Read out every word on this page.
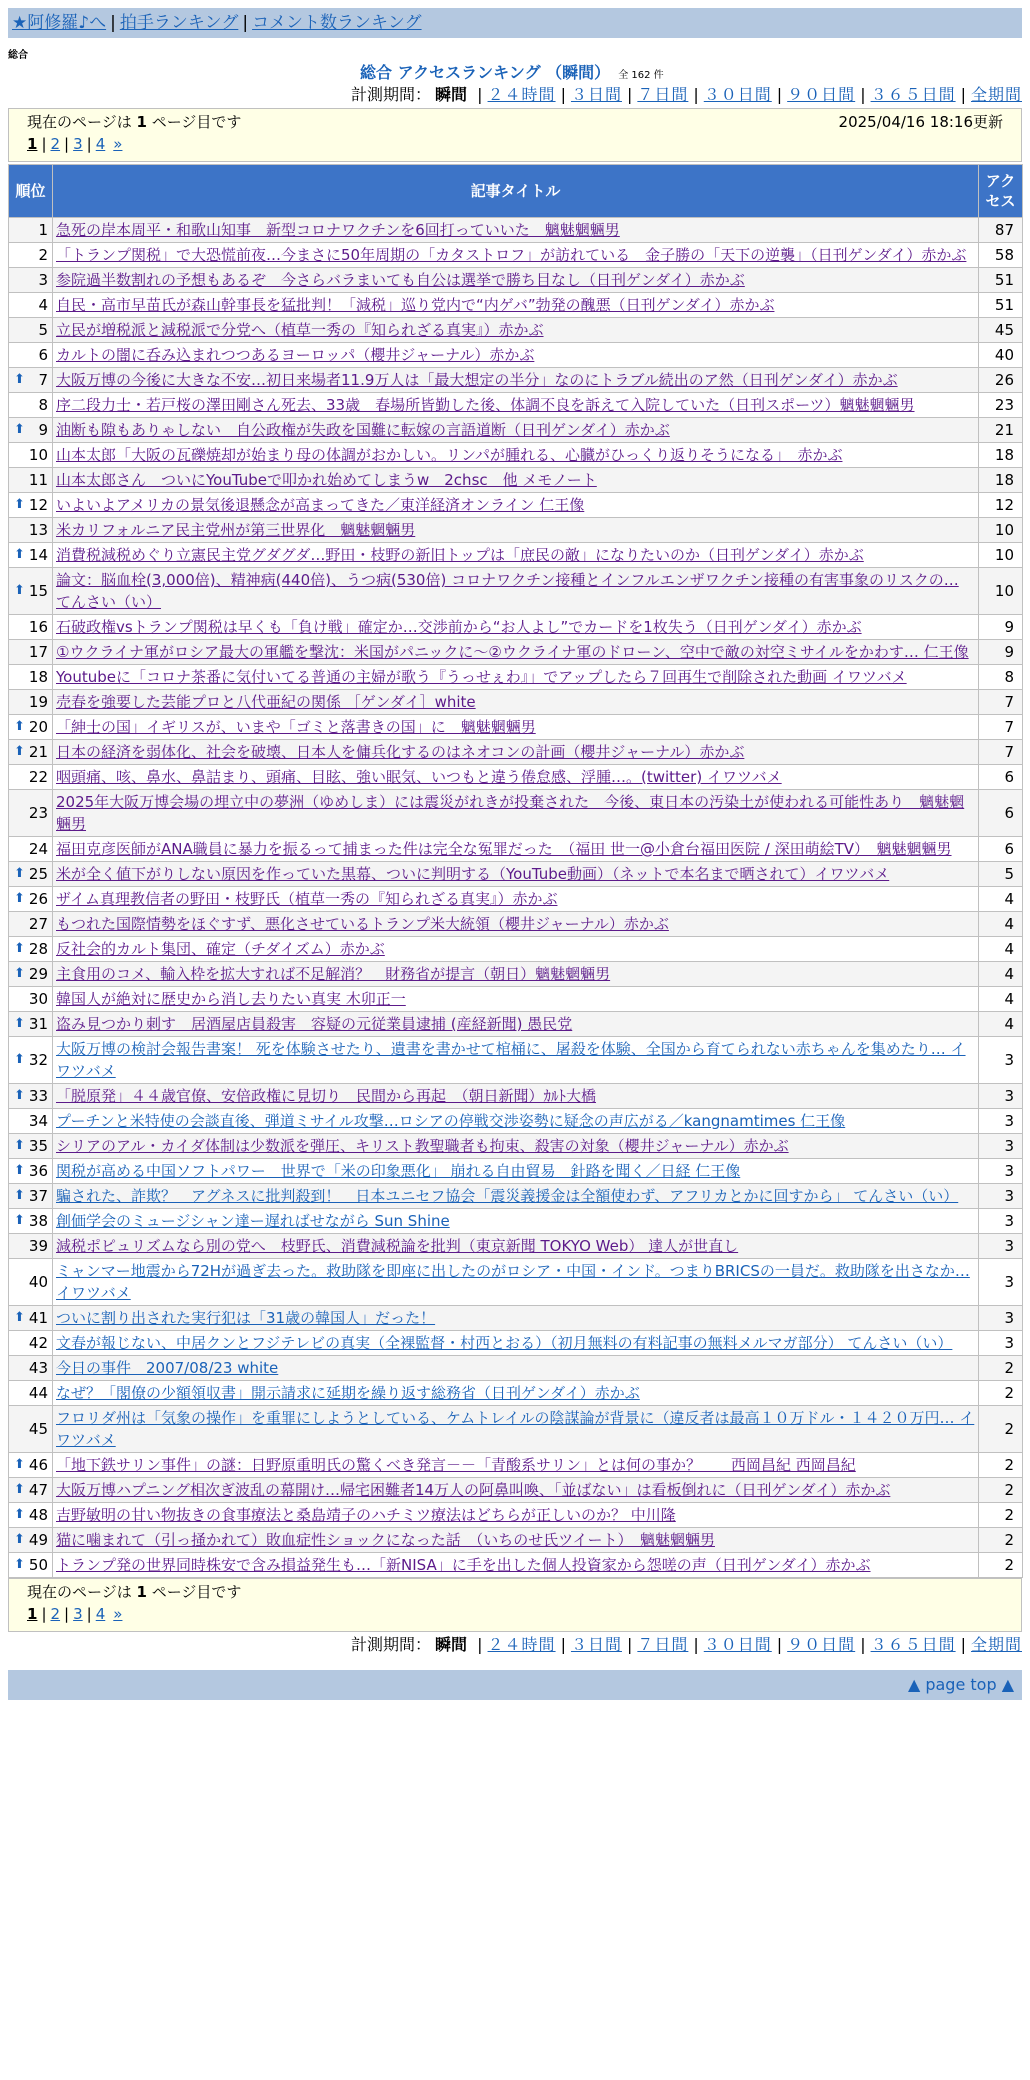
★阿修羅♪へ | 拍手ランキング | コメント数ランキング
総合
総合 アクセスランキング （瞬間） 全 162 件
計測期間： 瞬間 | ２４時間 | ３日間 | ７日間 | ３０日間 | ９０日間 | ３６５日間 | 全期間
現在のページは 1 ページ目です	2025/04/16 18:16更新
1 | 2 | 3 | 4 »
順位	記事タイトル	アクセス
1	急死の岸本周平・和歌山知事　新型コロナワクチンを6回打っていいた　魑魅魍魎男	87
2	「トランプ関税」で大恐慌前夜…今まさに50年周期の「カタストロフ」が訪れている　金子勝の「天下の逆襲」（日刊ゲンダイ）赤かぶ	58
3	参院過半数割れの予想もあるぞ　今さらバラまいても自公は選挙で勝ち目なし（日刊ゲンダイ）赤かぶ	51
4	自民・高市早苗氏が森山幹事長を猛批判！「減税」巡り党内で“内ゲバ”勃発の醜悪（日刊ゲンダイ）赤かぶ	51
5	立民が増税派と減税派で分党へ（植草一秀の『知られざる真実』）赤かぶ	45
6	カルトの闇に呑み込まれつつあるヨーロッパ（櫻井ジャーナル）赤かぶ	40

⬆ 7	大阪万博の今後に大きな不安…初日来場者11.9万人は「最大想定の半分」なのにトラブル続出のア然（日刊ゲンダイ）赤かぶ	26
8	序二段力士・若戸桜の澤田剛さん死去、33歳　春場所皆勤した後、体調不良を訴えて入院していた（日刊スポーツ）魑魅魍魎男	23

⬆ 9	油断も隙もありゃしない　自公政権が失政を国難に転嫁の言語道断（日刊ゲンダイ）赤かぶ	21
10	山本太郎「大阪の瓦礫焼却が始まり母の体調がおかしい。リンパが腫れる、心臓がひっくり返りそうになる」　赤かぶ	18
11	山本太郎さん　ついにYouTubeで叩かれ始めてしまうw　2chsc　他 メモノート	18

⬆ 12	いよいよアメリカの景気後退懸念が高まってきた／東洋経済オンライン 仁王像	12
13	米カリフォルニア民主党州が第三世界化　魑魅魍魎男	10

⬆ 14	消費税減税めぐり立憲民主党グダグダ…野田・枝野の新旧トップは「庶民の敵」になりたいのか（日刊ゲンダイ）赤かぶ	10

⬆ 15	論文：脳血栓(3,000倍)、精神病(440倍)、うつ病(530倍) コロナワクチン接種とインフルエンザワクチン接種の有害事象のリスクの… てんさい（い）	10
16	石破政権vsトランプ関税は早くも「負け戦」確定か…交渉前から“お人よし”でカードを1枚失う（日刊ゲンダイ）赤かぶ	9
17	①ウクライナ軍がロシア最大の軍艦を撃沈：米国がパニックに～②ウクライナ軍のドローン、空中で敵の対空ミサイルをかわす… 仁王像	9
18	Youtubeに「コロナ茶番に気付いてる普通の主婦が歌う『うっせぇわ』」でアップしたら７回再生で削除された動画 イワツバメ	8
19	売春を強要した芸能プロと八代亜紀の関係 ［ゲンダイ］white	7

⬆ 20	「紳士の国」イギリスが、いまや「ゴミと落書きの国」に　魑魅魍魎男	7

⬆ 21	日本の経済を弱体化、社会を破壊、日本人を傭兵化するのはネオコンの計画（櫻井ジャーナル）赤かぶ	7
22	咽頭痛、咳、鼻水、鼻詰まり、頭痛、目眩、強い眠気、いつもと違う倦怠感、浮腫…。(twitter) イワツバメ	6
23	2025年大阪万博会場の埋立中の夢洲（ゆめしま）には震災がれきが投棄された　今後、東日本の汚染土が使われる可能性あり　魑魅魍魎男	6
24	福田克彦医師がANA職員に暴力を振るって捕まった件は完全な冤罪だった　（福田 世一@小倉台福田医院 / 深田萌絵TV）　魑魅魍魎男	6

⬆ 25	米が全く値下がりしない原因を作っていた黒幕、ついに判明する（YouTube動画）（ネットで本名まで晒されて）イワツバメ	5

⬆ 26	ザイム真理教信者の野田・枝野氏（植草一秀の『知られざる真実』）赤かぶ	4
27	もつれた国際情勢をほぐすず、悪化させているトランプ米大統領（櫻井ジャーナル）赤かぶ	4

⬆ 28	反社会的カルト集団、確定（チダイズム）赤かぶ	4

⬆ 29	主食用のコメ、輸入枠を拡大すれば不足解消？　財務省が提言（朝日）魑魅魍魎男	4
30	韓国人が絶対に歴史から消し去りたい真実 木卯正一	4

⬆ 31	盗み見つかり刺す　居酒屋店員殺害　容疑の元従業員逮捕 (産経新聞) 愚民党	4

⬆ 32	大阪万博の検討会報告書案！ 死を体験させたり、遺書を書かせて棺桶に、屠殺を体験、全国から育てられない赤ちゃんを集めたり… イワツバメ	3

⬆ 33	「脱原発」４４歳官僚、安倍政権に見切り　民間から再起　（朝日新聞）ｶﾙﾄ大橋	3
34	プーチンと米特使の会談直後、弾道ミサイル攻撃…ロシアの停戦交渉姿勢に疑念の声広がる／kangnamtimes 仁王像	3

⬆ 35	シリアのアル・カイダ体制は少数派を弾圧、キリスト教聖職者も拘束、殺害の対象（櫻井ジャーナル）赤かぶ	3

⬆ 36	関税が高める中国ソフトパワー　世界で「米の印象悪化」 崩れる自由貿易　針路を聞く／日経 仁王像	3

⬆ 37	騙された、詐欺？　アグネスに批判殺到！　日本ユニセフ協会「震災義援金は全額使わず、アフリカとかに回すから」 てんさい（い）	3

⬆ 38	創価学会のミュージシャン達ー遅ればせながら Sun Shine	3
39	減税ポピュリズムなら別の党へ　枝野氏、消費減税論を批判（東京新聞 TOKYO Web） 達人が世直し	3
40	ミャンマー地震から72Hが過ぎ去った。救助隊を即座に出したのがロシア・中国・インド。つまりBRICSの一員だ。救助隊を出さなか… イワツバメ	3

⬆ 41	ついに割り出された実行犯は「31歳の韓国人」だった！	3
42	文春が報じない、中居クンとフジテレビの真実（全裸監督・村西とおる）（初月無料の有料記事の無料メルマガ部分） てんさい（い）	3
43	今日の事件　2007/08/23 white	2
44	なぜ？「閣僚の少額領収書」開示請求に延期を繰り返す総務省（日刊ゲンダイ）赤かぶ	2
45	フロリダ州は「気象の操作」を重罪にしようとしている、ケムトレイルの陰謀論が背景に（違反者は最高１０万ドル・１４２０万円… イワツバメ	2

⬆ 46	「地下鉄サリン事件」の謎：日野原重明氏の驚くべき発言－－「青酸系サリン」とは何の事か？　　西岡昌紀 西岡昌紀	2

⬆ 47	大阪万博ハプニング相次ぎ波乱の幕開け…帰宅困難者14万人の阿鼻叫喚、「並ばない」は看板倒れに（日刊ゲンダイ）赤かぶ	2

⬆ 48	吉野敏明の甘い物抜きの食事療法と桑島靖子のハチミツ療法はどちらが正しいのか？ 中川隆	2

⬆ 49	猫に噛まれて（引っ掻かれて）敗血症性ショックになった話　（いちのせ氏ツイート）　魑魅魍魎男	2

⬆ 50	トランプ発の世界同時株安で含み損益発生も…「新NISA」に手を出した個人投資家から怨嗟の声（日刊ゲンダイ）赤かぶ	2
現在のページは 1 ページ目です
1 | 2 | 3 | 4 »
計測期間： 瞬間 | ２４時間 | ３日間 | ７日間 | ３０日間 | ９０日間 | ３６５日間 | 全期間
▲ page top ▲
